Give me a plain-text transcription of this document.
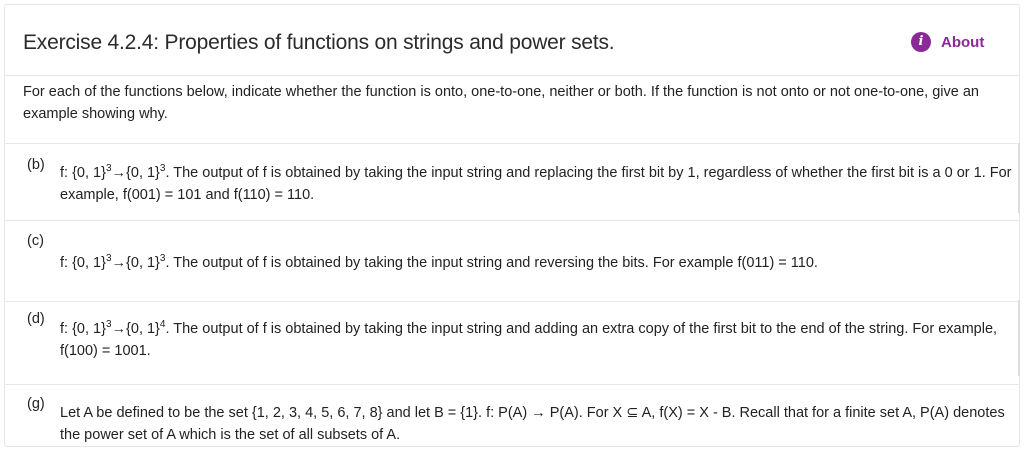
Exercise 4.2.4: Properties of functions on strings and power sets.	i	About
For each of the functions below, indicate whether the function is onto, one-to-one, neither or both. If the function is not onto or not one-to-one, give an example showing why.
(b) f: {0, 1}$^3$→{0, 1}$^3$. The output of f is obtained by taking the input string and replacing the first bit by 1, regardless of whether the first bit is a 0 or 1. For example, f(001) = 101 and f(110) = 110.
(c)
f: {0, 1}$^3$→{0, 1}$^3$. The output of f is obtained by taking the input string and reversing the bits. For example f(011) = 110.
(d)
f: {0, 1}$^3$→{0, 1}$^4$. The output of f is obtained by taking the input string and adding an extra copy of the first bit to the end of the string. For example, f(100) = 1001.
(g)
Let A be defined to be the set {1, 2, 3, 4, 5, 6, 7, 8} and let B = {1}. f: P(A) → P(A). For X ⊆ A, f(X) = X - B. Recall that for a finite set A, P(A) denotes the power set of A which is the set of all subsets of A.
